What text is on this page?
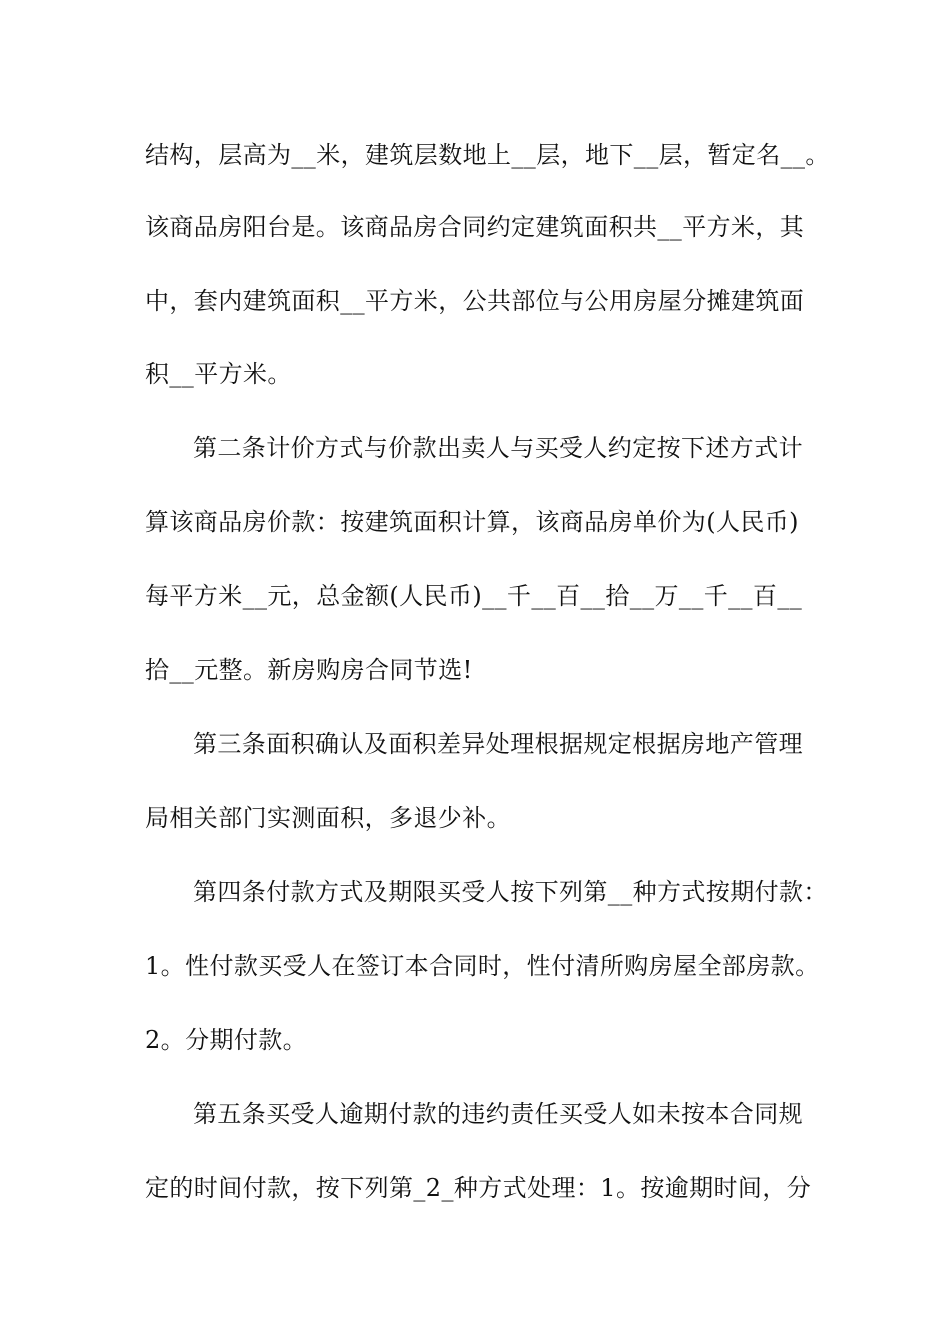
结构，层高为__米，建筑层数地上__层，地下__层，暂定名__。
该商品房阳台是。该商品房合同约定建筑面积共__平方米，其
中，套内建筑面积__平方米，公共部位与公用房屋分摊建筑面
积__平方米。
第二条计价方式与价款出卖人与买受人约定按下述方式计
算该商品房价款：按建筑面积计算，该商品房单价为(人民币)
每平方米__元，总金额(人民币)__千__百__拾__万__千__百__
拾__元整。新房购房合同节选!
第三条面积确认及面积差异处理根据规定根据房地产管理
局相关部门实测面积，多退少补。
第四条付款方式及期限买受人按下列第__种方式按期付款：
1。性付款买受人在签订本合同时，性付清所购房屋全部房款。
2。分期付款。
第五条买受人逾期付款的违约责任买受人如未按本合同规
定的时间付款，按下列第_2_种方式处理：1。按逾期时间，分
